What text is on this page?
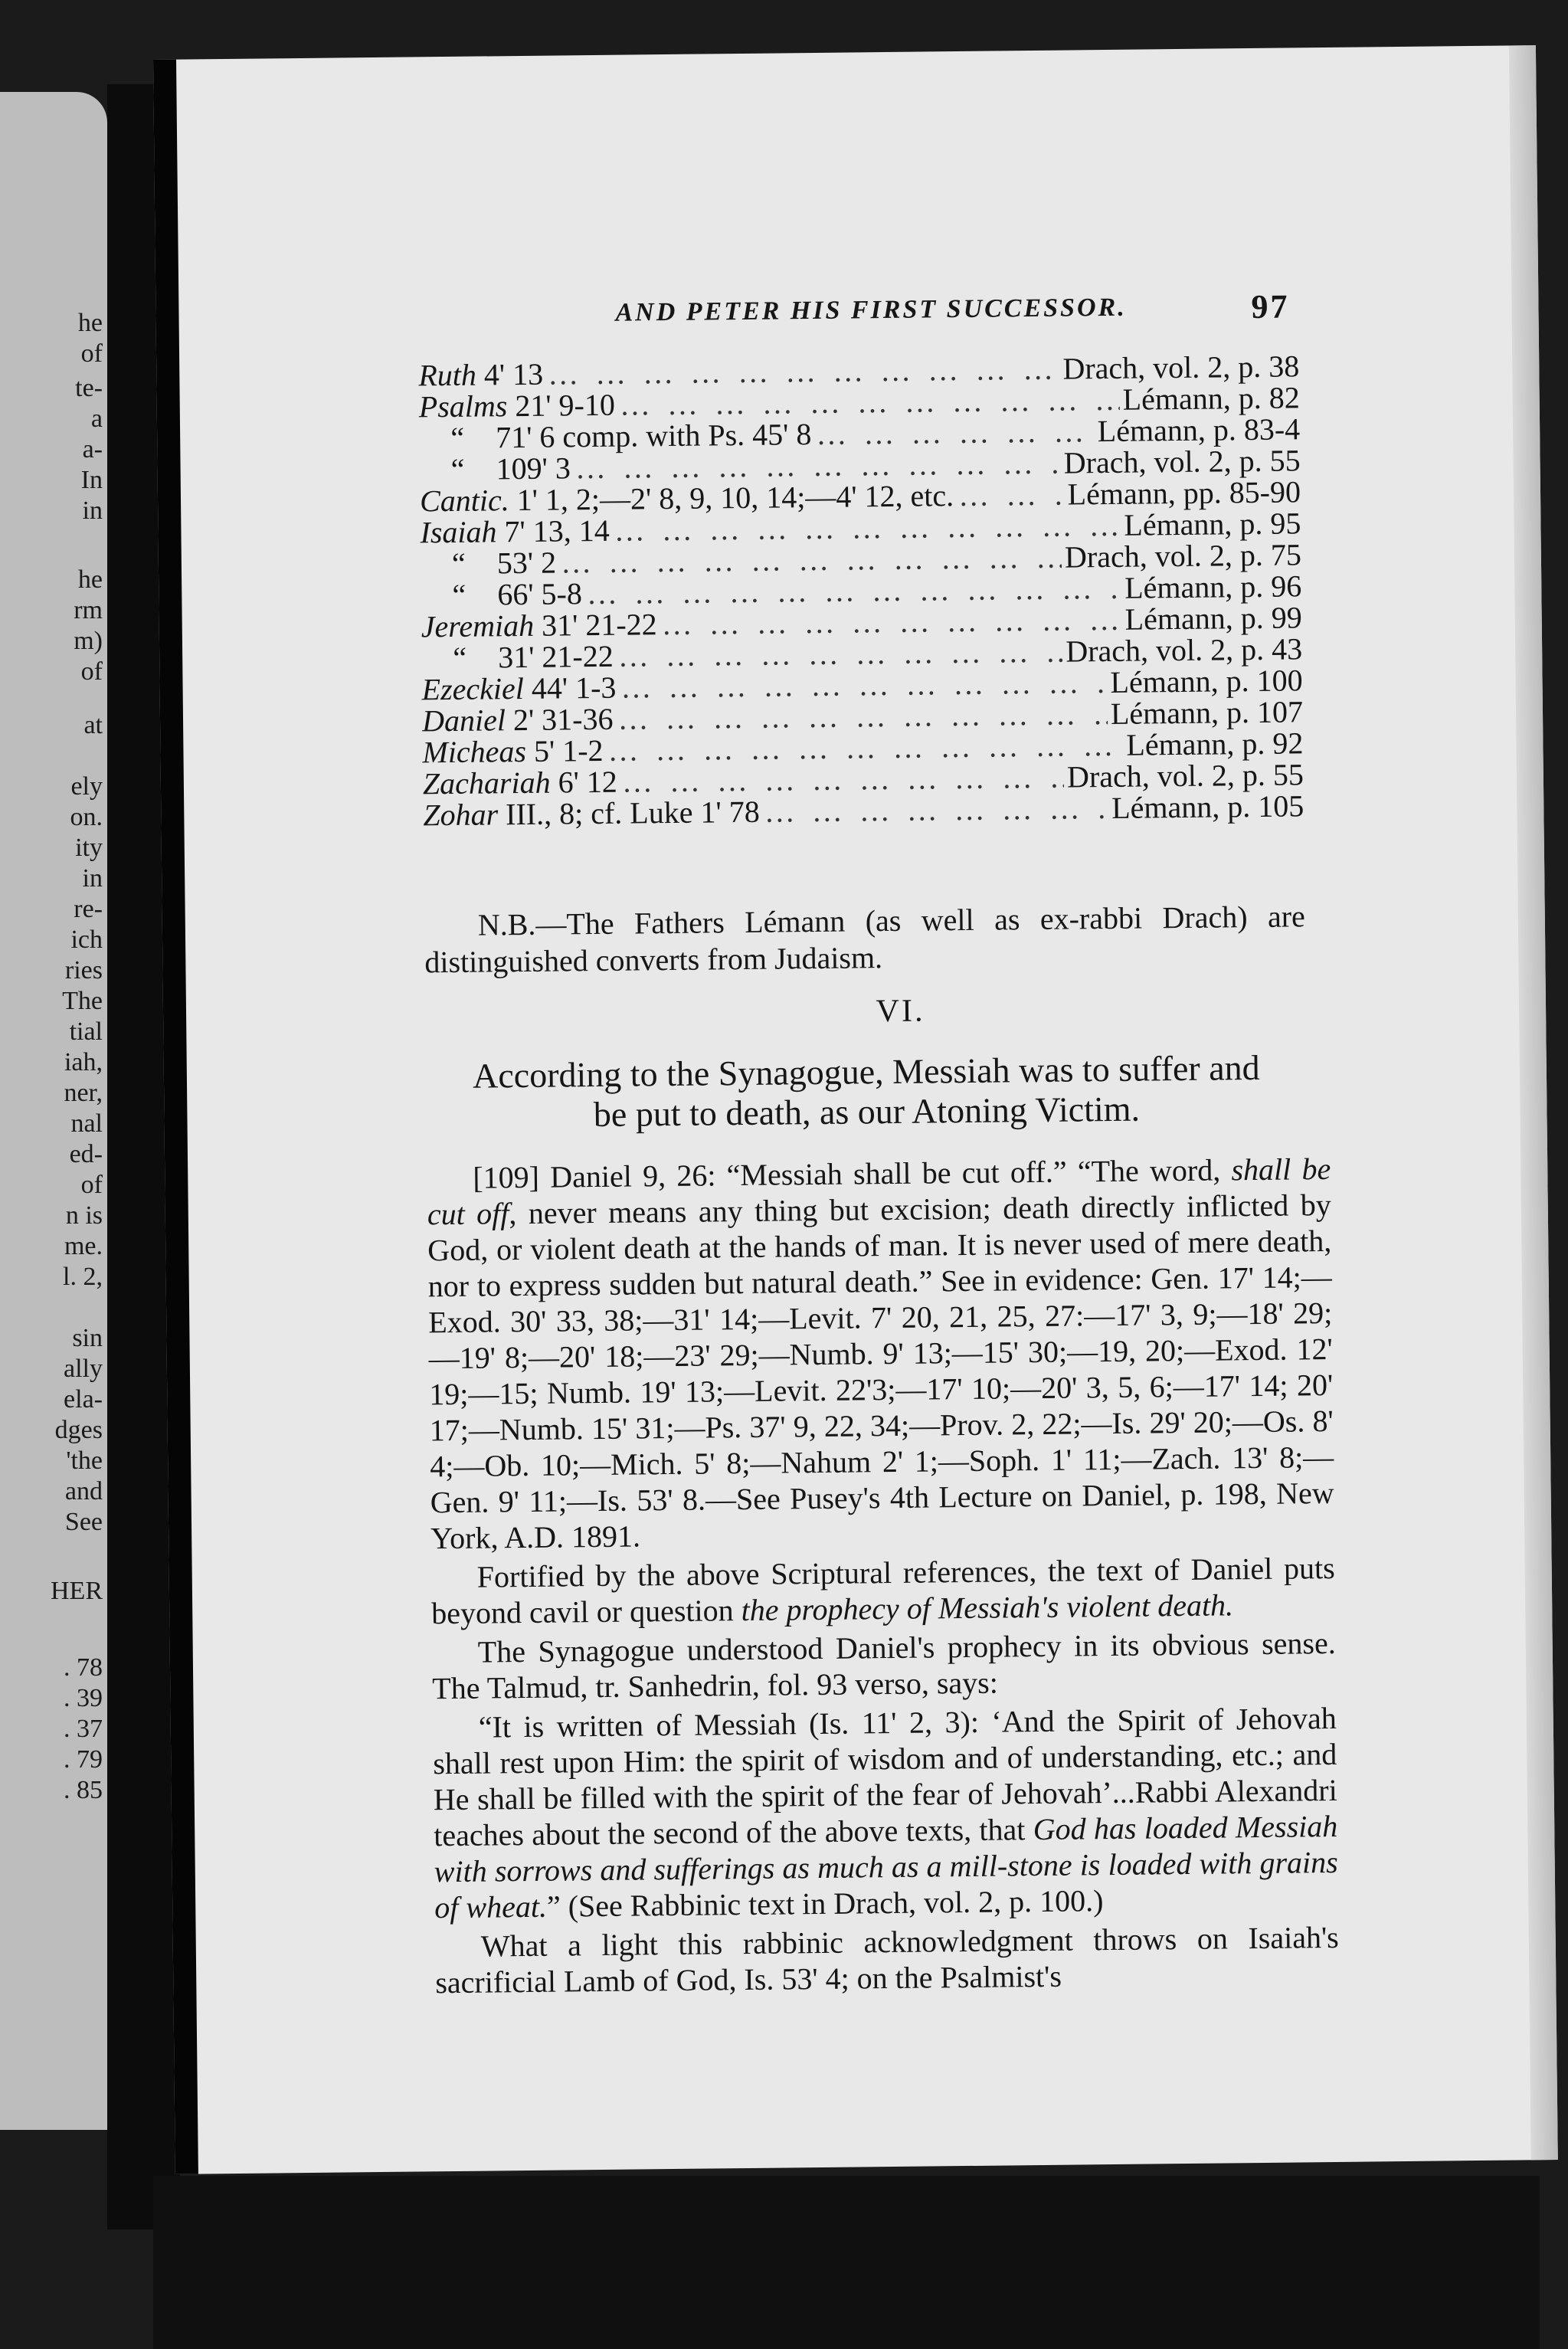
he
of
te-
a
a-
In
in
he
rm
m)
of
at
ely
on.
ity
in
re-
ich
ries
The
tial
iah,
ner,
nal
ed-
of
n is
me.
l. 2,
sin
ally
ela-
dges
'the
and
See
HER
. 78
. 39
. 37
. 79
. 85
AND PETER HIS FIRST SUCCESSOR.	97
Ruth 4' 13 … … … … … … … … … … … … … … … … … … … … … … … … … … … … … … … … …	Drach, vol. 2, p. 38
Psalms 21' 9-10 … … … … … … … … … … … … … … … … … … … … … … … … … … … … … … … … …	Lémann, p. 82
“	71' 6 comp. with Ps. 45' 8 … … … … … … … … … … … … … … … … … … … … … … … … … … … … … … … … …	Lémann, p. 83-4
“	109' 3 … … … … … … … … … … … … … … … … … … … … … … … … … … … … … … … … …	Drach, vol. 2, p. 55
Cantic. 1' 1, 2;—2' 8, 9, 10, 14;—4' 12, etc. … … … … … … … … … … … … … … … … … … … … … … … … … … … … … … … … …	Lémann, pp. 85-90
Isaiah 7' 13, 14 … … … … … … … … … … … … … … … … … … … … … … … … … … … … … … … … …	Lémann, p. 95
“	53' 2 … … … … … … … … … … … … … … … … … … … … … … … … … … … … … … … … …	Drach, vol. 2, p. 75
“	66' 5-8 … … … … … … … … … … … … … … … … … … … … … … … … … … … … … … … … …	Lémann, p. 96
Jeremiah 31' 21-22 … … … … … … … … … … … … … … … … … … … … … … … … … … … … … … … … …	Lémann, p. 99
“	31' 21-22 … … … … … … … … … … … … … … … … … … … … … … … … … … … … … … … … …	Drach, vol. 2, p. 43
Ezeckiel 44' 1-3 … … … … … … … … … … … … … … … … … … … … … … … … … … … … … … … … …	Lémann, p. 100
Daniel 2' 31-36 … … … … … … … … … … … … … … … … … … … … … … … … … … … … … … … … …	Lémann, p. 107
Micheas 5' 1-2 … … … … … … … … … … … … … … … … … … … … … … … … … … … … … … … … …	Lémann, p. 92
Zachariah 6' 12 … … … … … … … … … … … … … … … … … … … … … … … … … … … … … … … … …	Drach, vol. 2, p. 55
Zohar III., 8; cf. Luke 1' 78 … … … … … … … … … … … … … … … … … … … … … … … … … … … … … … … … …	Lémann, p. 105

N.B.—The Fathers Lémann (as well as ex-rabbi Drach) are distinguished converts from Judaism.

VI.
According to the Synagogue, Messiah was to suffer and
be put to death, as our Atoning Victim.

[109] Daniel 9, 26: “Messiah shall be cut off.” “The word, shall be cut off, never means any thing but excision; death directly inflicted by God, or violent death at the hands of man. It is never used of mere death, nor to express sudden but natural death.” See in evidence: Gen. 17' 14;—Exod. 30' 33, 38;—31' 14;—Levit. 7' 20, 21, 25, 27:—17' 3, 9;—18' 29;—19' 8;—20' 18;—23' 29;—Numb. 9' 13;—15' 30;—19, 20;—Exod. 12' 19;—15; Numb. 19' 13;—Levit. 22'3;—17' 10;—20' 3, 5, 6;—17' 14; 20' 17;—Numb. 15' 31;—Ps. 37' 9, 22, 34;—Prov. 2, 22;—Is. 29' 20;—Os. 8' 4;—Ob. 10;—Mich. 5' 8;—Nahum 2' 1;—Soph. 1' 11;—Zach. 13' 8;—Gen. 9' 11;—Is. 53' 8.—See Pusey's 4th Lecture on Daniel, p. 198, New York, A.D. 1891.

Fortified by the above Scriptural references, the text of Daniel puts beyond cavil or question the prophecy of Messiah's violent death.

The Synagogue understood Daniel's prophecy in its obvious sense. The Talmud, tr. Sanhedrin, fol. 93 verso, says:

“It is written of Messiah (Is. 11' 2, 3): ‘And the Spirit of Jehovah shall rest upon Him: the spirit of wisdom and of understanding, etc.; and He shall be filled with the spirit of the fear of Jehovah’...Rabbi Alexandri teaches about the second of the above texts, that God has loaded Messiah with sorrows and sufferings as much as a mill-stone is loaded with grains of wheat.” (See Rabbinic text in Drach, vol. 2, p. 100.)

What a light this rabbinic acknowledgment throws on Isaiah's sacrificial Lamb of God, Is. 53' 4; on the Psalmist's
